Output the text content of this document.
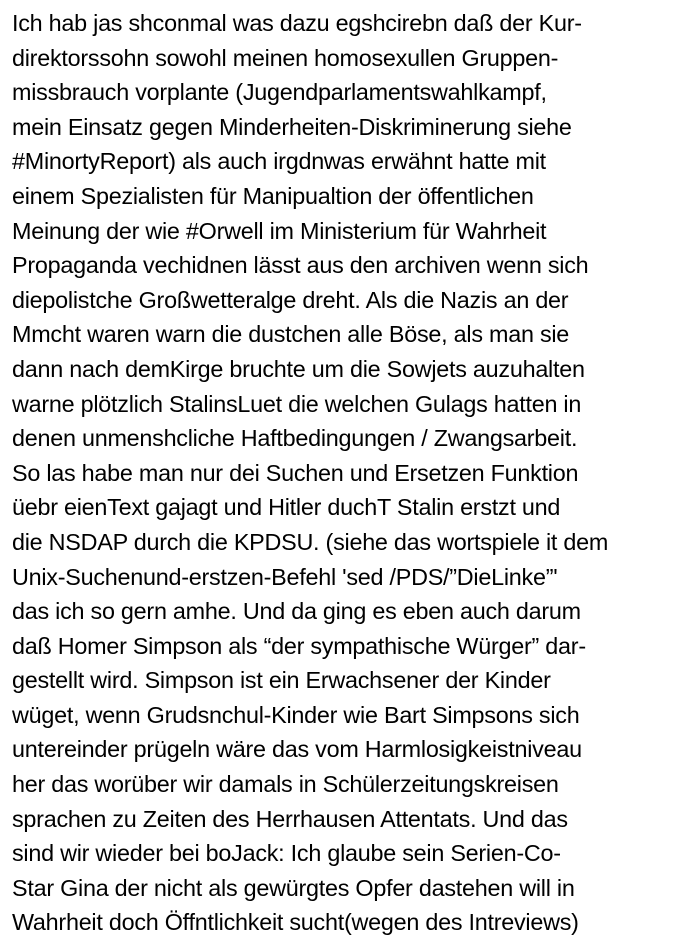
Ich hab jas shconmal was dazu egshcirebn daß der Kur-
direktorssohn sowohl meinen homosexullen Gruppen-
missbrauch vorplante (Jugendparlamentswahlkampf,
mein Einsatz gegen Minderheiten-Diskriminerung siehe
#MinortyReport) als auch irgdnwas erwähnt hatte mit
einem Spezialisten für Manipualtion der öffentlichen
Meinung der wie #Orwell im Ministerium für Wahrheit
Propaganda vechidnen lässt aus den archiven wenn sich
diepolistche Großwetteralge dreht. Als die Nazis an der
Mmcht waren warn die dustchen alle Böse, als man sie
dann nach demKirge bruchte um die Sowjets auzuhalten
warne plötzlich StalinsLuet die welchen Gulags hatten in
denen unmenshcliche Haftbedingungen / Zwangsarbeit.
So las habe man nur dei Suchen und Ersetzen Funktion
üebr eienText gajagt und Hitler duchT Stalin erstzt und
die NSDAP durch die KPDSU. (siehe das wortspiele it dem
Unix-Suchenund-erstzen-Befehl 'sed /PDS/”DieLinke”'
das ich so gern amhe. Und da ging es eben auch darum
daß Homer Simpson als “der sympathische Würger” dar-
gestellt wird. Simpson ist ein Erwachsener der Kinder
wüget, wenn Grudsnchul-Kinder wie Bart Simpsons sich
untereinder prügeln wäre das vom Harmlosigkeistniveau
her das worüber wir damals in Schülerzeitungskreisen
sprachen zu Zeiten des Herrhausen Attentats. Und das
sind wir wieder bei boJack: Ich glaube sein Serien-Co-
Star Gina der nicht als gewürgtes Opfer dastehen will in
Wahrheit doch Öffntlichkeit sucht(wegen des Intreviews)
